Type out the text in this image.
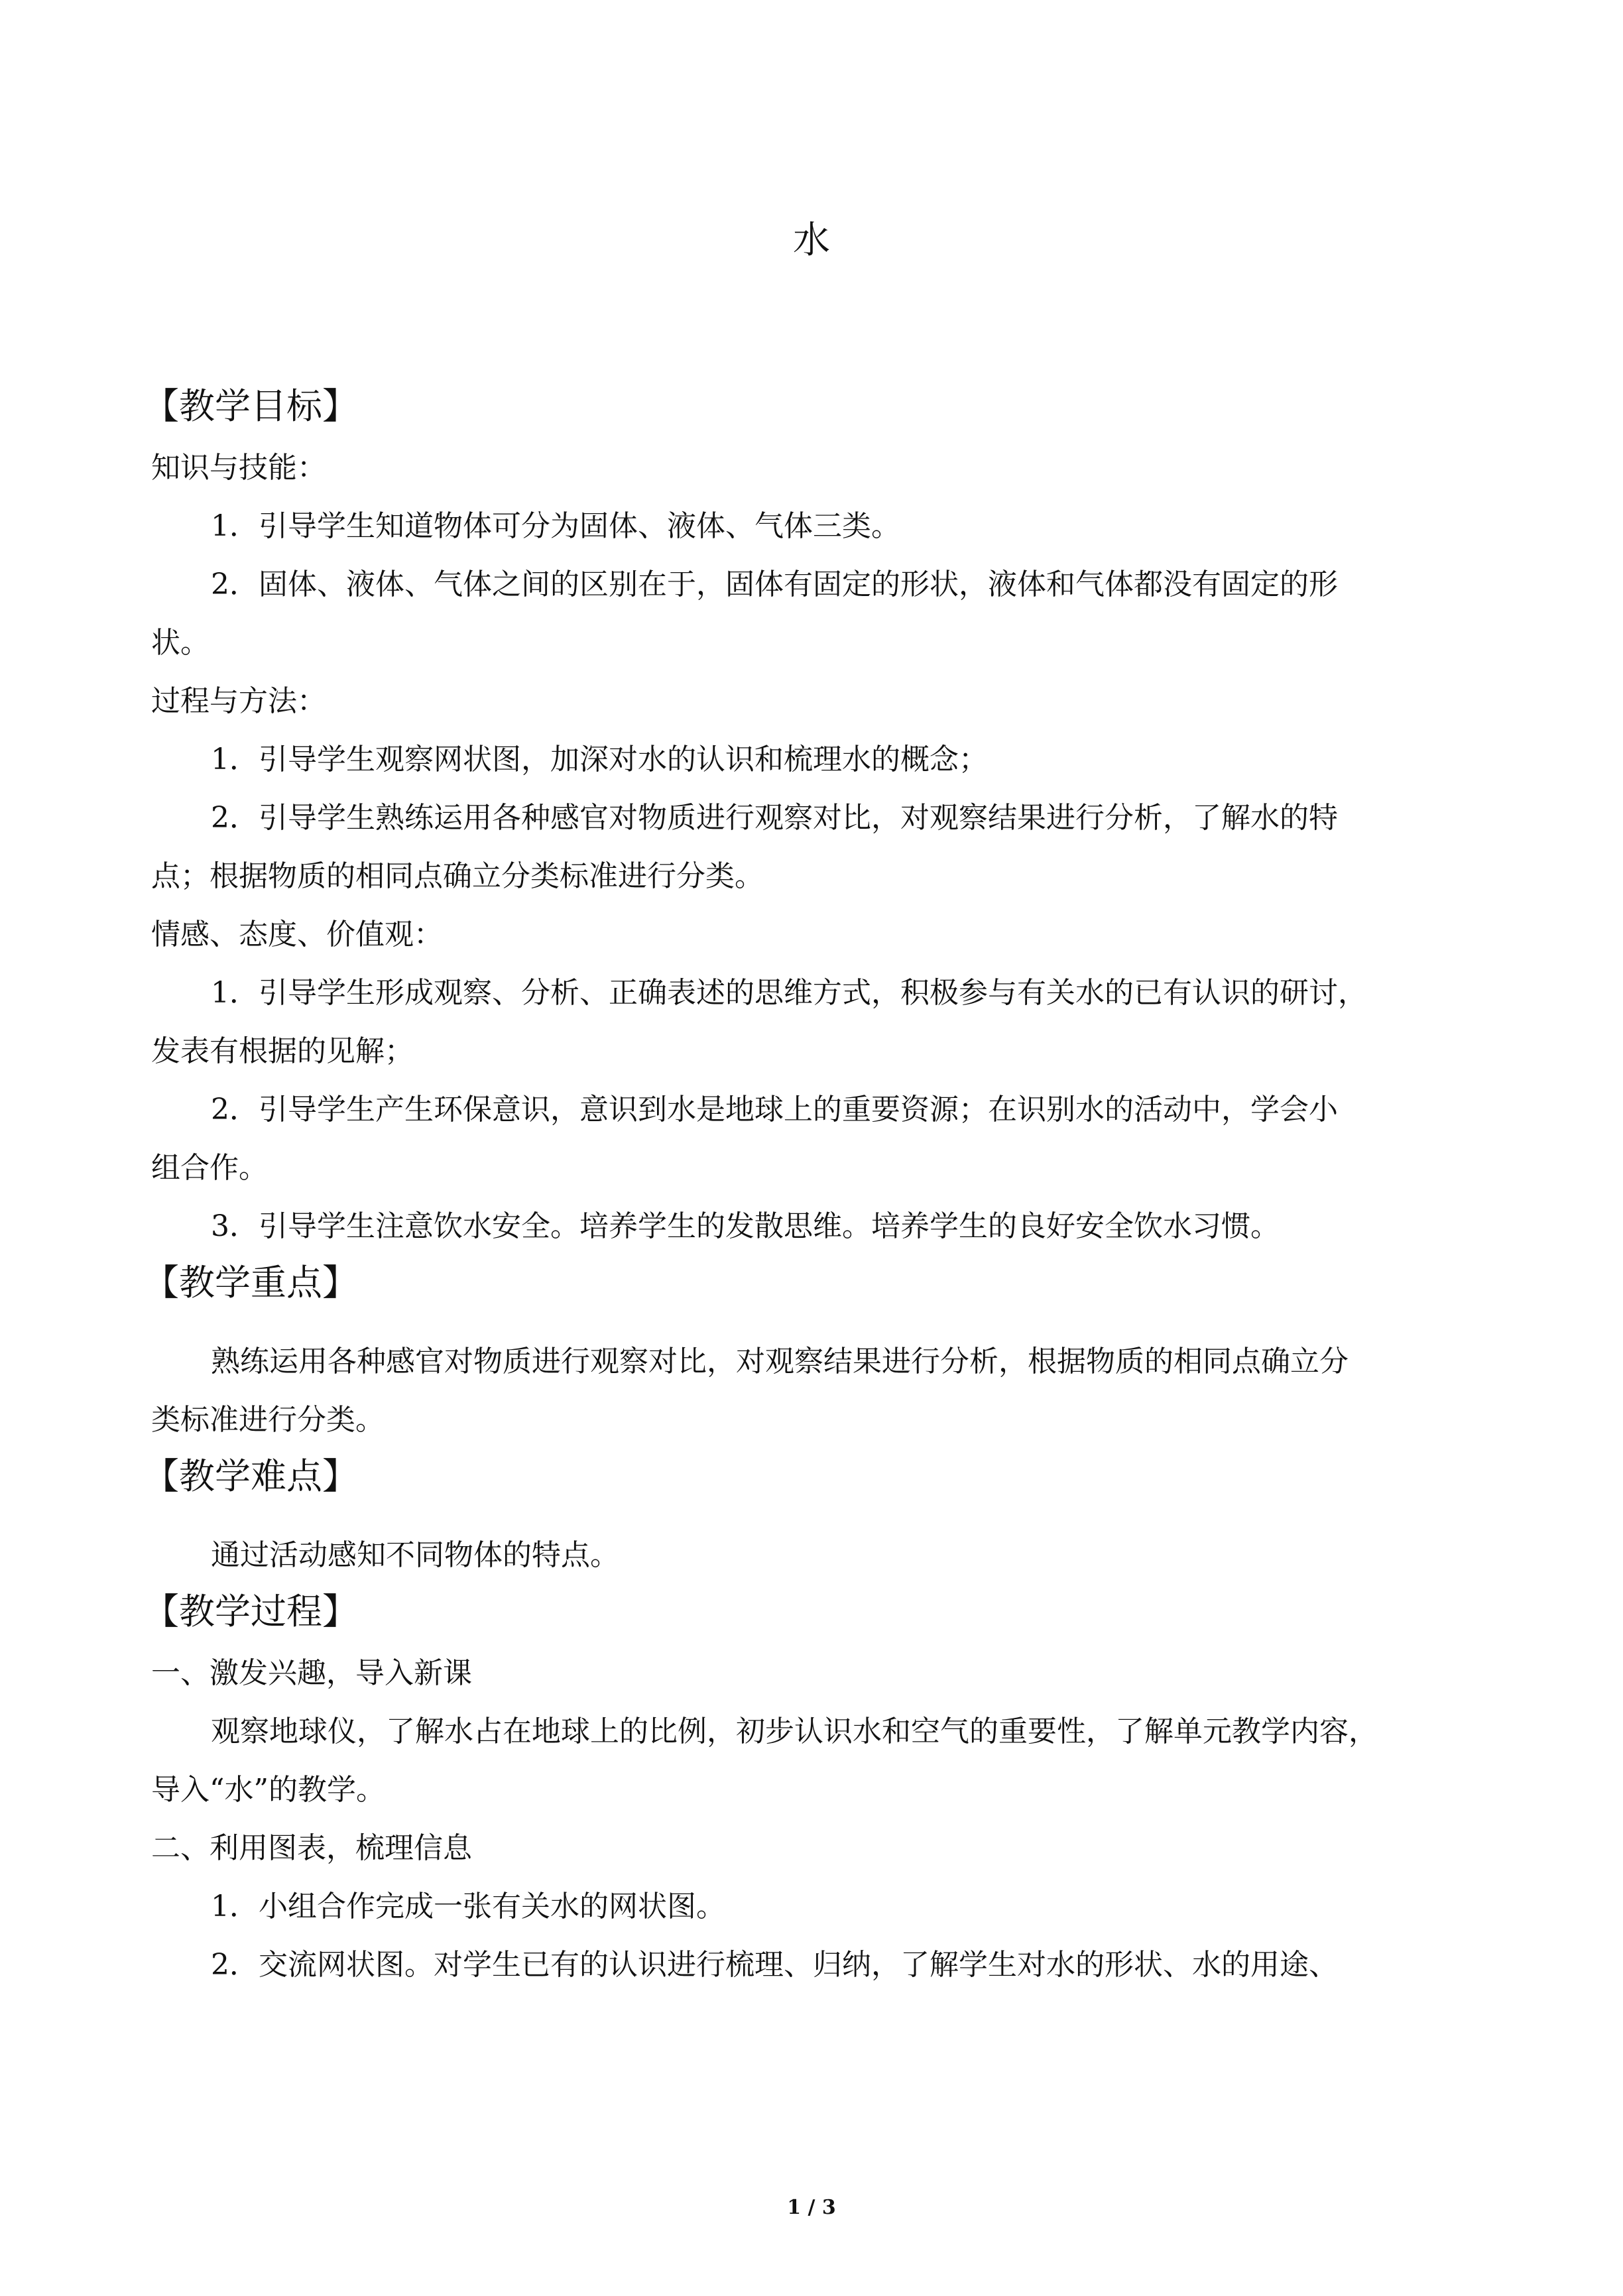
水
【教学目标】
知识与技能：
1．引导学生知道物体可分为固体、液体、气体三类。
2．固体、液体、气体之间的区别在于，固体有固定的形状，液体和气体都没有固定的形
状。
过程与方法：
1．引导学生观察网状图，加深对水的认识和梳理水的概念；
2．引导学生熟练运用各种感官对物质进行观察对比，对观察结果进行分析，了解水的特
点；根据物质的相同点确立分类标准进行分类。
情感、态度、价值观：
1．引导学生形成观察、分析、正确表述的思维方式，积极参与有关水的已有认识的研讨，
发表有根据的见解；
2．引导学生产生环保意识，意识到水是地球上的重要资源；在识别水的活动中，学会小
组合作。
3．引导学生注意饮水安全。培养学生的发散思维。培养学生的良好安全饮水习惯。
【教学重点】
熟练运用各种感官对物质进行观察对比，对观察结果进行分析，根据物质的相同点确立分
类标准进行分类。
【教学难点】
通过活动感知不同物体的特点。
【教学过程】
一、激发兴趣，导入新课
观察地球仪，了解水占在地球上的比例，初步认识水和空气的重要性，了解单元教学内容，
导入“水”的教学。
二、利用图表，梳理信息
1．小组合作完成一张有关水的网状图。
2．交流网状图。对学生已有的认识进行梳理、归纳，了解学生对水的形状、水的用途、
1 / 3
